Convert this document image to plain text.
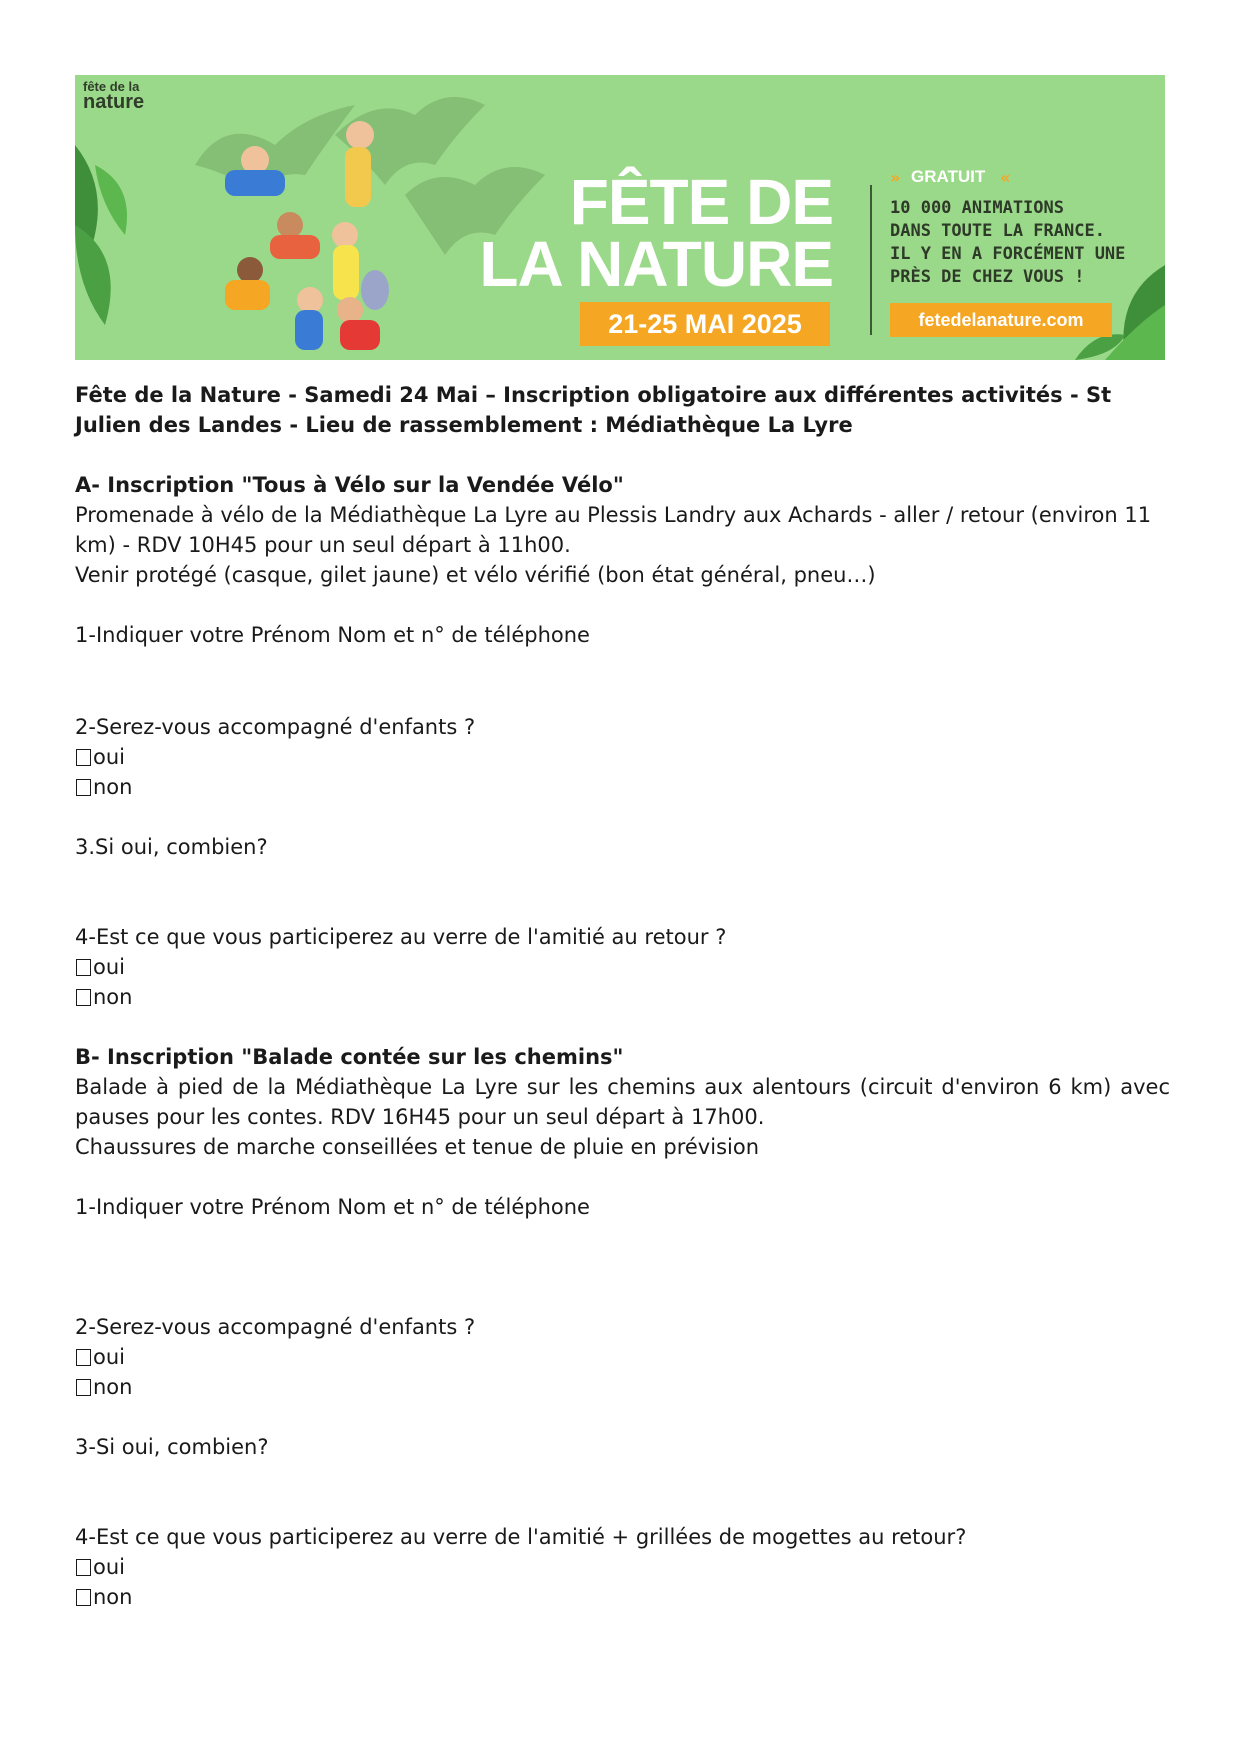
fête de la
nature
FÊTE DE
LA NATURE
21-25 MAI 2025
» GRATUIT «
10 000 ANIMATIONS
DANS TOUTE LA FRANCE.
IL Y EN A FORCÉMENT UNE
PRÈS DE CHEZ VOUS !
fetedelanature.com

Fête de la Nature - Samedi 24 Mai – Inscription obligatoire aux différentes activités - St Julien des Landes - Lieu de rassemblement : Médiathèque La Lyre

A- Inscription "Tous à Vélo sur la Vendée Vélo"

Promenade à vélo de la Médiathèque La Lyre au Plessis Landry aux Achards - aller / retour (environ 11 km) - RDV 10H45 pour un seul départ à 11h00.

Venir protégé (casque, gilet jaune) et vélo vérifié (bon état général, pneu…)

1-Indiquer votre Prénom Nom et n° de téléphone

2-Serez-vous accompagné d'enfants ?

oui
non

3.Si oui, combien?

4-Est ce que vous participerez au verre de l'amitié au retour ?

oui
non

B- Inscription "Balade contée sur les chemins"

Balade à pied de la Médiathèque La Lyre sur les chemins aux alentours (circuit d'environ 6 km) avec pauses pour les contes. RDV 16H45 pour un seul départ à 17h00.

Chaussures de marche conseillées et tenue de pluie en prévision

1-Indiquer votre Prénom Nom et n° de téléphone

2-Serez-vous accompagné d'enfants ?

oui
non

3-Si oui, combien?

4-Est ce que vous participerez au verre de l'amitié + grillées de mogettes au retour?

oui
non
